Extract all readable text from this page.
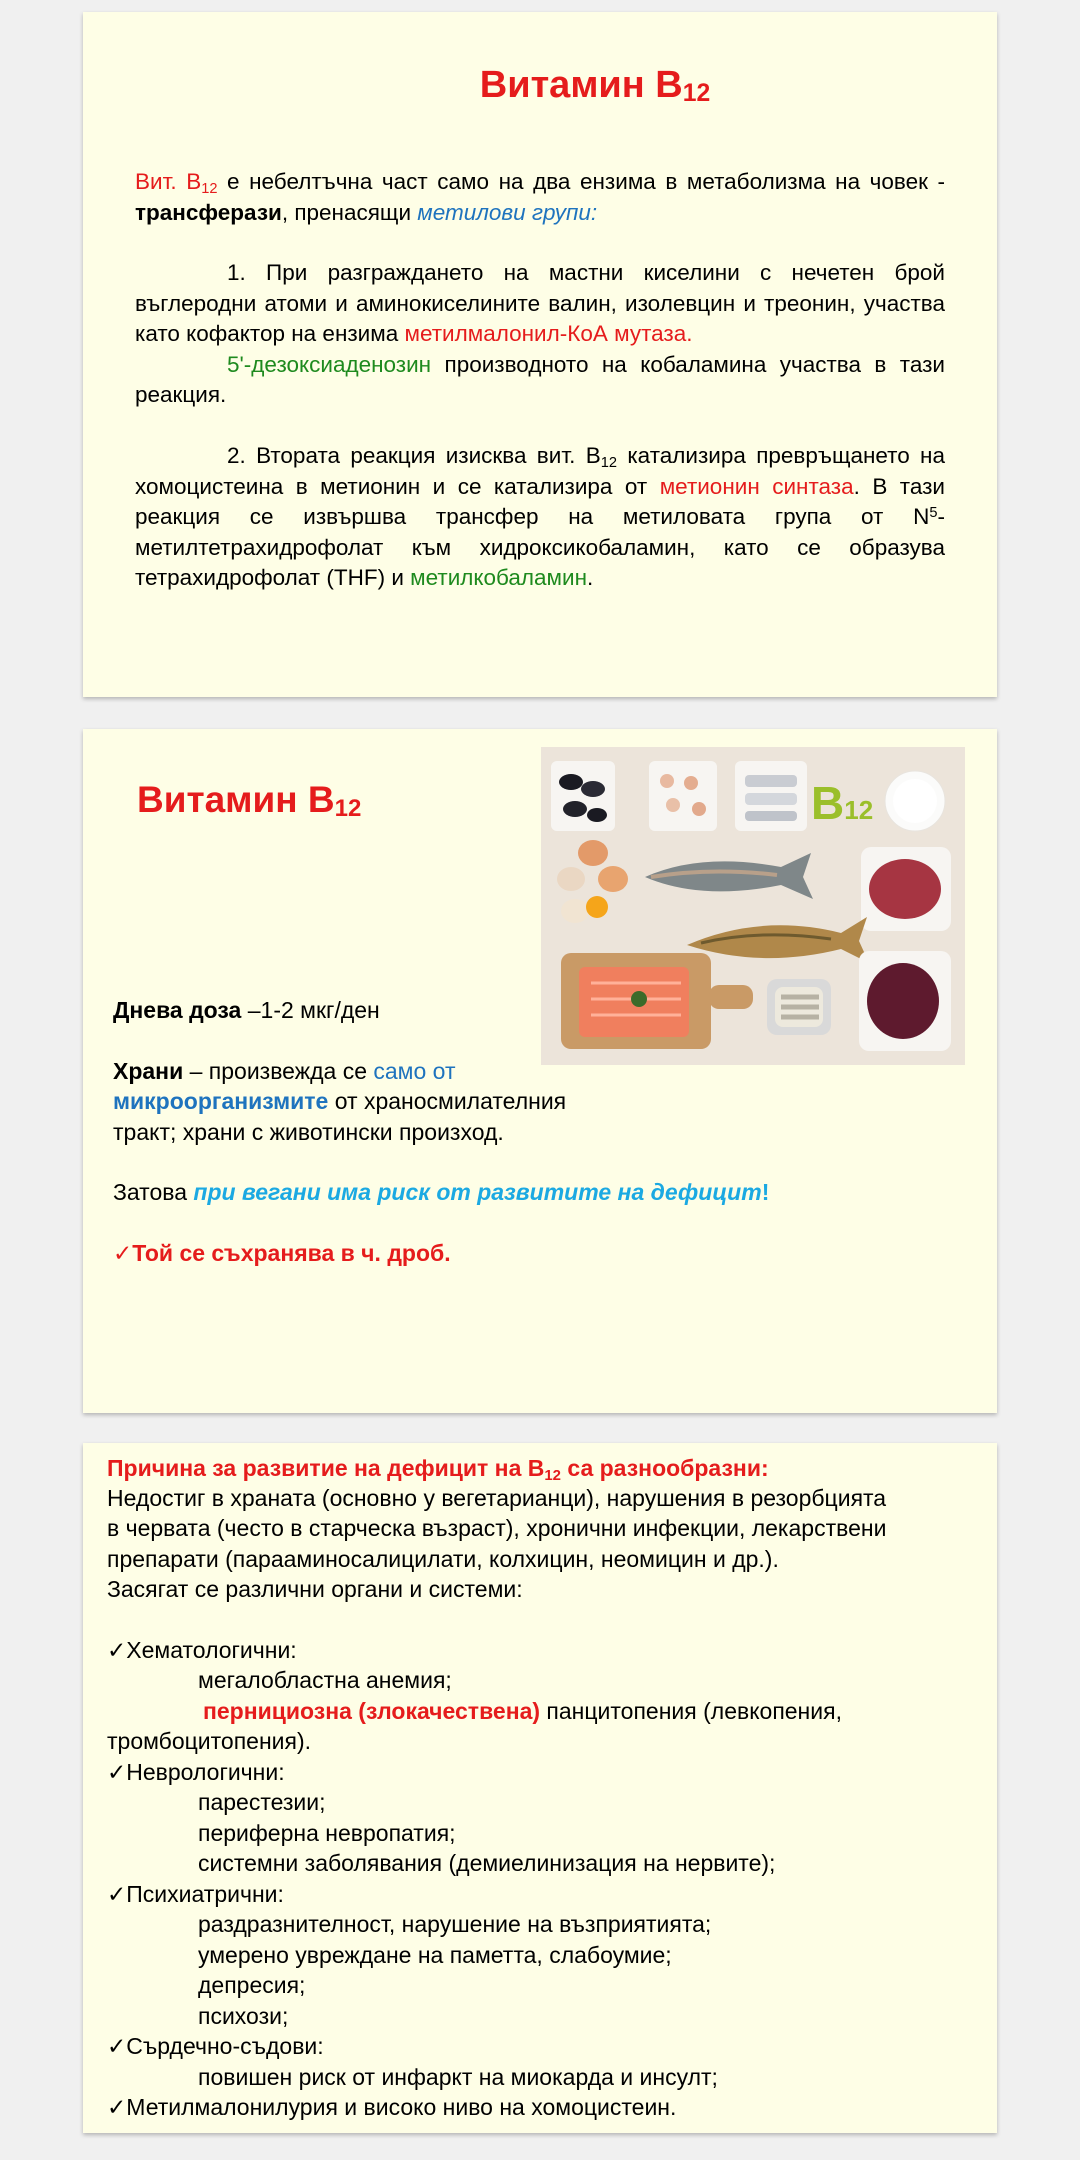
Витамин $B_{12}$
Вит. $B_{12}$ е небелтъчна част само на два ензима в метаболизма на човек - трансферази, пренасящи метилови групи:
1. При разграждането на мастни киселини с нечетен брой въглеродни атоми и аминокиселините валин, изолевцин и треонин, участва като кофактор на ензима метилмалонил-КоА мутаза.
5'-дезоксиаденозин производното на кобаламина участва в тази реакция.
2. Втората реакция изисква вит. $B_{12}$ катализира превръщането на хомоцистеина в метионин и се катализира от метионин синтаза. В тази реакция се извършва трансфер на метиловата група от $N^5$-метилтетрахидрофолат към хидроксикобаламин, като се образува тетрахидрофолат (THF) и метилкобаламин.
Витамин $B_{12}$	B12
Днева доза –1-2 мкг/ден
Храни – произвежда се само от
микроорганизмите от храносмилателния
тракт; храни с животински произход.
Затова при вегани има риск от развитите на дефицит!
✓Той се съхранява в ч. дроб.
Причина за развитие на дефицит на $B_{12}$ са разнообразни:
Недостиг в храната (основно у вегетарианци), нарушения в резорбцията
в червата (често в старческа възраст), хронични инфекции, лекарствени
препарати (парааминосалицилати, колхицин, неомицин и др.).
Засягат се различни органи и системи:
✓Хематологични:
мегалобластна анемия;
пернициозна (злокачествена) панцитопения (левкопения,
тромбоцитопения).
✓Неврологични:
парестезии;
периферна невропатия;
системни заболявания (демиелинизация на нервите);
✓Психиатрични:
раздразнителност, нарушение на възприятията;
умерено увреждане на паметта, слабоумие;
депресия;
психози;
✓Сърдечно-съдови:
повишен риск от инфаркт на миокарда и инсулт;
✓Метилмалонилурия и високо ниво на хомоцистеин.
